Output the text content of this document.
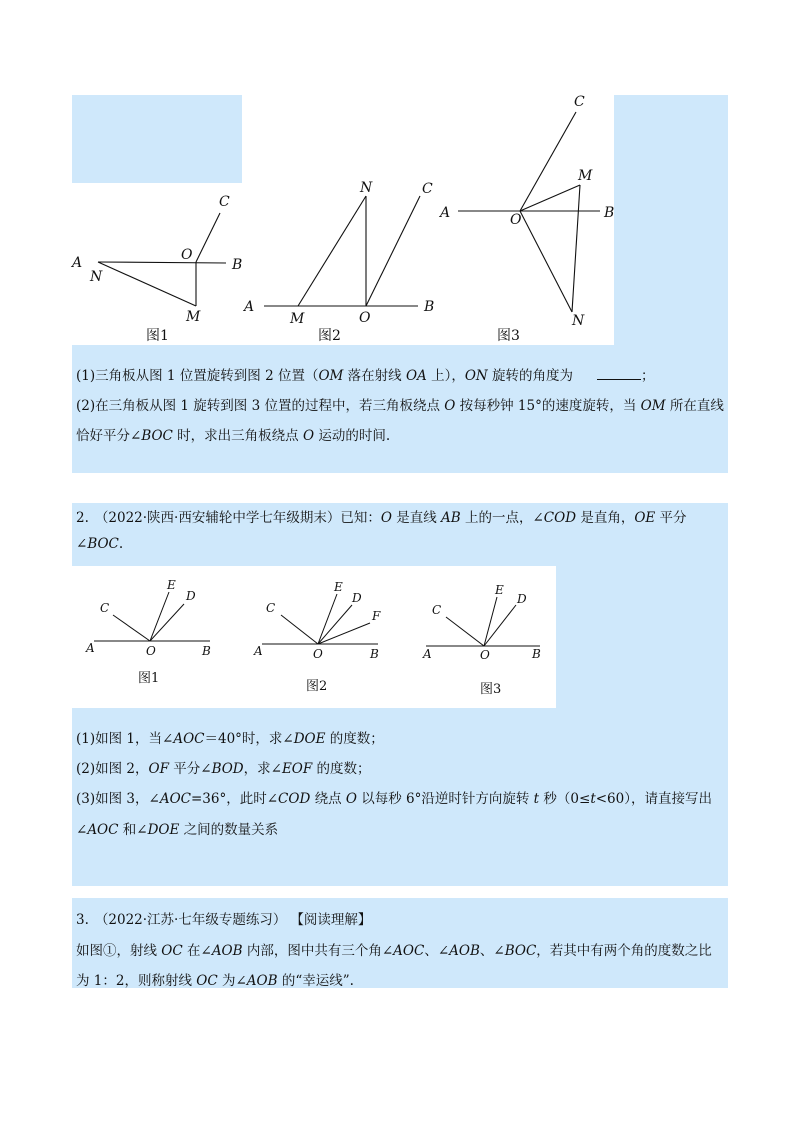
A
N
O
B
C
M
图1
A
M	O
B
N	C
图2
A	O	B
C
M
N
图3
(1)三角板从图 1 位置旋转到图 2 位置（OM 落在射线 OA 上），ON 旋转的角度为	；
(2)在三角板从图 1 旋转到图 3 位置的过程中，若三角板绕点 O 按每秒钟 15°的速度旋转，当 OM 所在直线
恰好平分∠BOC 时，求出三角板绕点 O 运动的时间.
2. （2022·陕西·西安辅轮中学七年级期末）已知：O 是直线 AB 上的一点，∠COD 是直角，OE 平分
∠BOC.
C
E
D
A	O	B
图1
C
E
D
F
A	O	B
图2
C
E
D
A	O	B
图3
(1)如图 1，当∠AOC＝40°时，求∠DOE 的度数；
(2)如图 2，OF 平分∠BOD，求∠EOF 的度数；
(3)如图 3，∠AOC=36°，此时∠COD 绕点 O 以每秒 6°沿逆时针方向旋转 t 秒（0≤t<60），请直接写出
∠AOC 和∠DOE 之间的数量关系
3. （2022·江苏·七年级专题练习） 【阅读理解】
如图①，射线 OC 在∠AOB 内部，图中共有三个角∠AOC、∠AOB、∠BOC，若其中有两个角的度数之比
为 1：2，则称射线 OC 为∠AOB 的“幸运线”.
